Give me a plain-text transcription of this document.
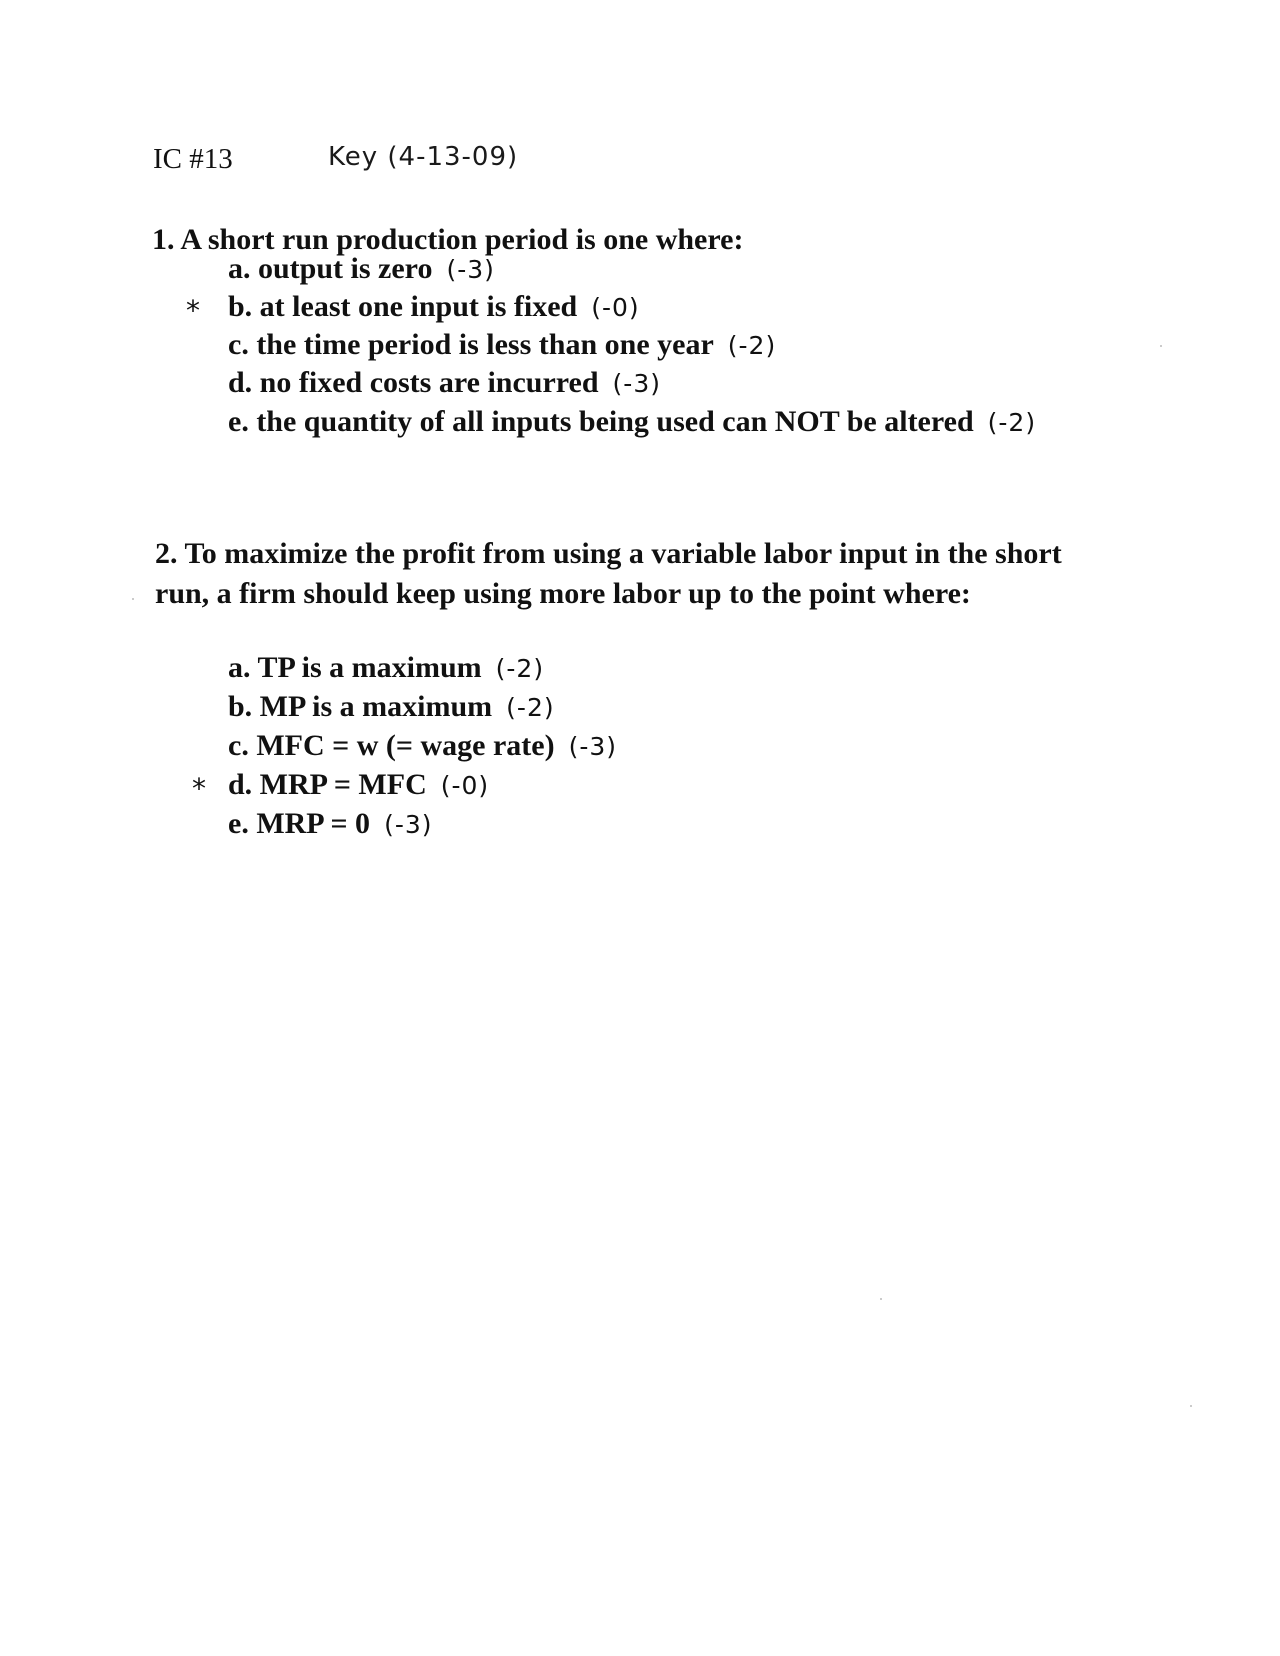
IC #13	Key (4-13-09)
1. A short run production period is one where:
a. output is zero (-3)
* b. at least one input is fixed (-0)
c. the time period is less than one year (-2)
d. no fixed costs are incurred (-3)
e. the quantity of all inputs being used can NOT be altered (-2)
2. To maximize the profit from using a variable labor input in the short run, a firm should keep using more labor up to the point where:
a. TP is a maximum (-2)
b. MP is a maximum (-2)
c. MFC = w (= wage rate) (-3)
* d. MRP = MFC (-0)
e. MRP = 0 (-3)
